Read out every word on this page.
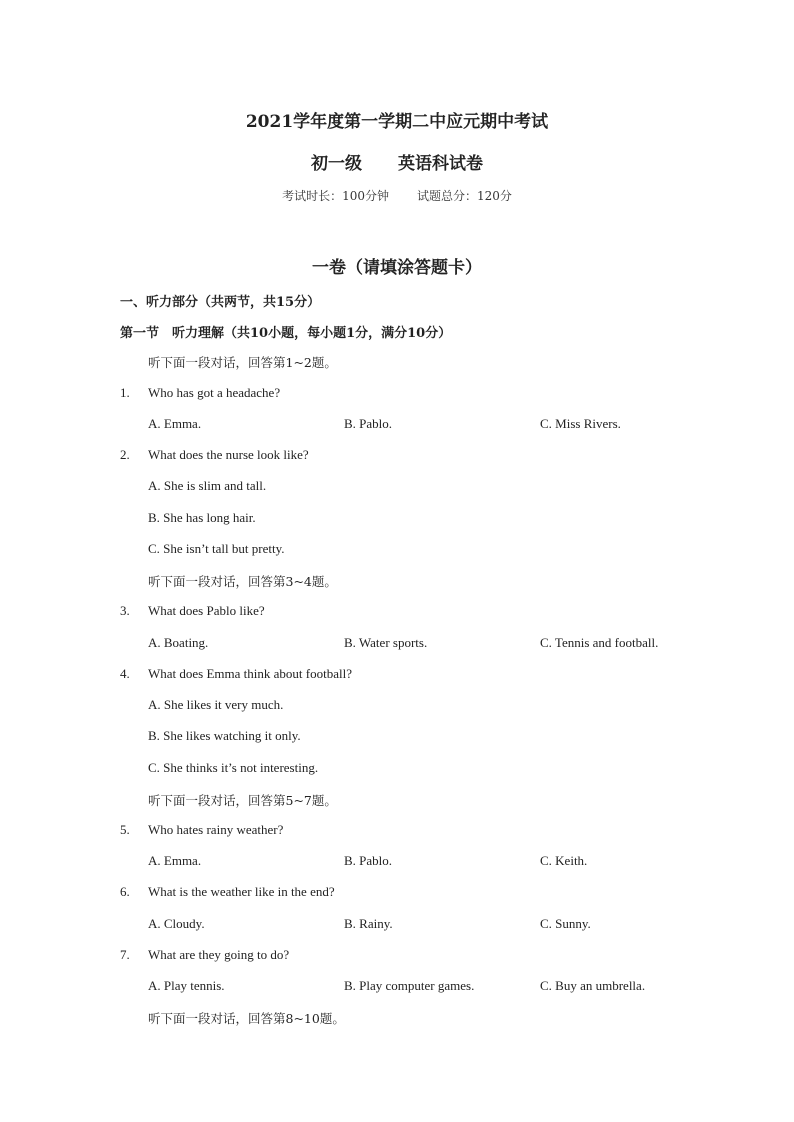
2021学年度第一学期二中应元期中考试
初一级 英语科试卷
考试时长：100分钟 试题总分：120分
一卷（请填涂答题卡）
一、听力部分（共两节，共15分）
第一节　听力理解（共10小题，每小题1分，满分10分）
听下面一段对话，回答第1~2题。
1. Who has got a headache?
A. Emma.	B. Pablo.	C. Miss Rivers.
2. What does the nurse look like?
A. She is slim and tall.
B. She has long hair.
C. She isn’t tall but pretty.
听下面一段对话，回答第3~4题。
3. What does Pablo like?
A. Boating.	B. Water sports.	C. Tennis and football.
4. What does Emma think about football?
A. She likes it very much.
B. She likes watching it only.
C. She thinks it’s not interesting.
听下面一段对话，回答第5~7题。
5. Who hates rainy weather?
A. Emma.	B. Pablo.	C. Keith.
6. What is the weather like in the end?
A. Cloudy.	B. Rainy.	C. Sunny.
7. What are they going to do?
A. Play tennis.	B. Play computer games.	C. Buy an umbrella.
听下面一段对话，回答第8~10题。
